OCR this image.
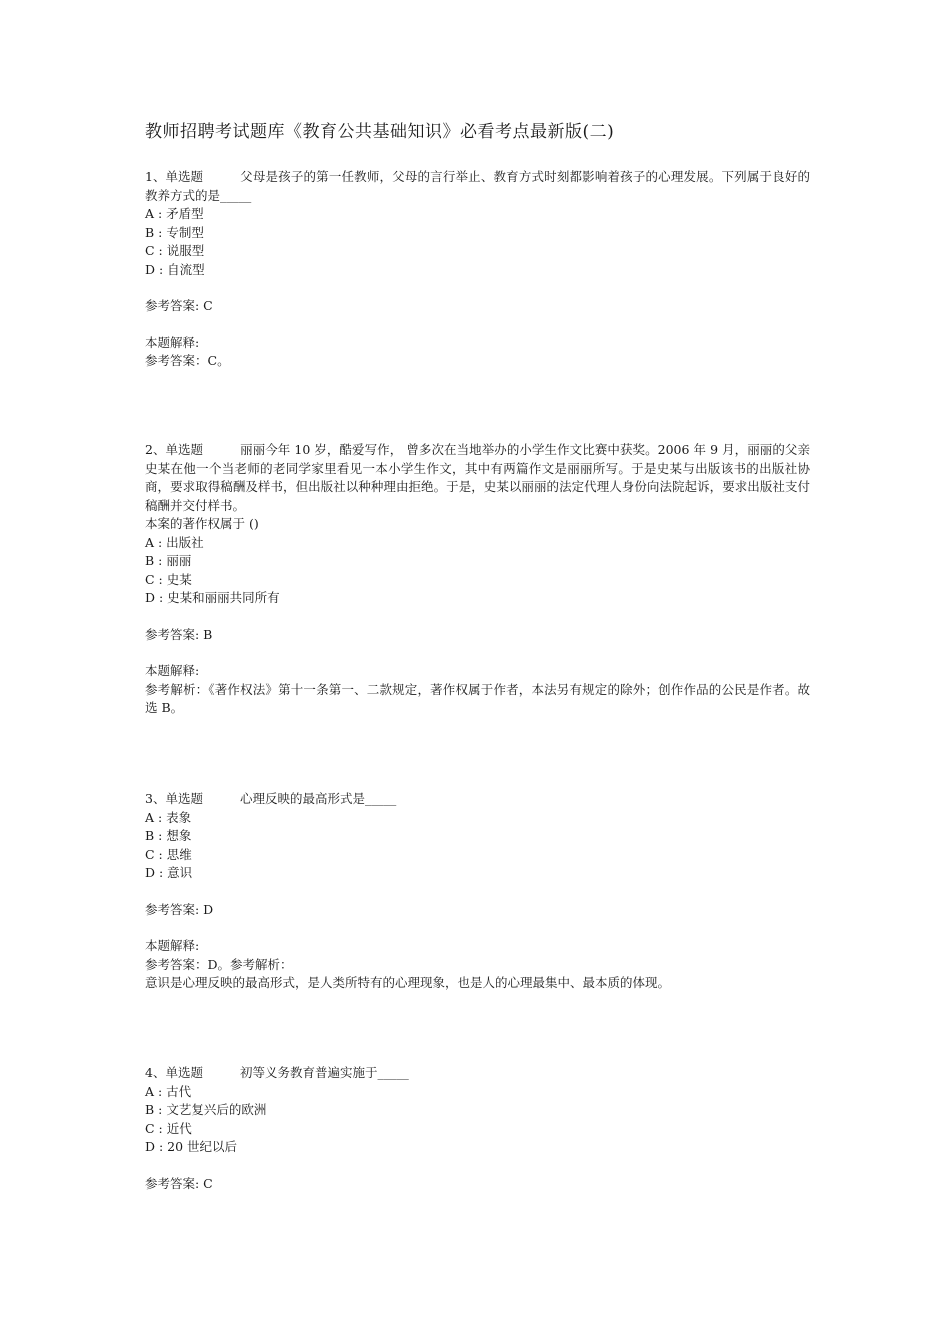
教师招聘考试题库《教育公共基础知识》必看考点最新版(二)
1、单选题	父母是孩子的第一任教师，父母的言行举止、教育方式时刻都影响着孩子的心理发展。下列属于良好的教养方式的是_____
A : 矛盾型
B : 专制型
C : 说服型
D : 自流型
参考答案: C
本题解释:
参考答案：C。
2、单选题	丽丽今年 10 岁，酷爱写作， 曾多次在当地举办的小学生作文比赛中获奖。2006 年 9 月，丽丽的父亲史某在他一个当老师的老同学家里看见一本小学生作文，其中有两篇作文是丽丽所写。于是史某与出版该书的出版社协商，要求取得稿酬及样书，但出版社以种种理由拒绝。于是，史某以丽丽的法定代理人身份向法院起诉，要求出版社支付稿酬并交付样书。
本案的著作权属于 ()
A : 出版社
B : 丽丽
C : 史某
D : 史某和丽丽共同所有
参考答案: B
本题解释:
参考解析：《著作权法》第十一条第一、二款规定，著作权属于作者，本法另有规定的除外；创作作品的公民是作者。故选 B。
3、单选题	心理反映的最高形式是_____
A : 表象
B : 想象
C : 思维
D : 意识
参考答案: D
本题解释:
参考答案：D。参考解析：
意识是心理反映的最高形式，是人类所特有的心理现象，也是人的心理最集中、最本质的体现。
4、单选题	初等义务教育普遍实施于_____
A : 古代
B : 文艺复兴后的欧洲
C : 近代
D : 20 世纪以后
参考答案: C
